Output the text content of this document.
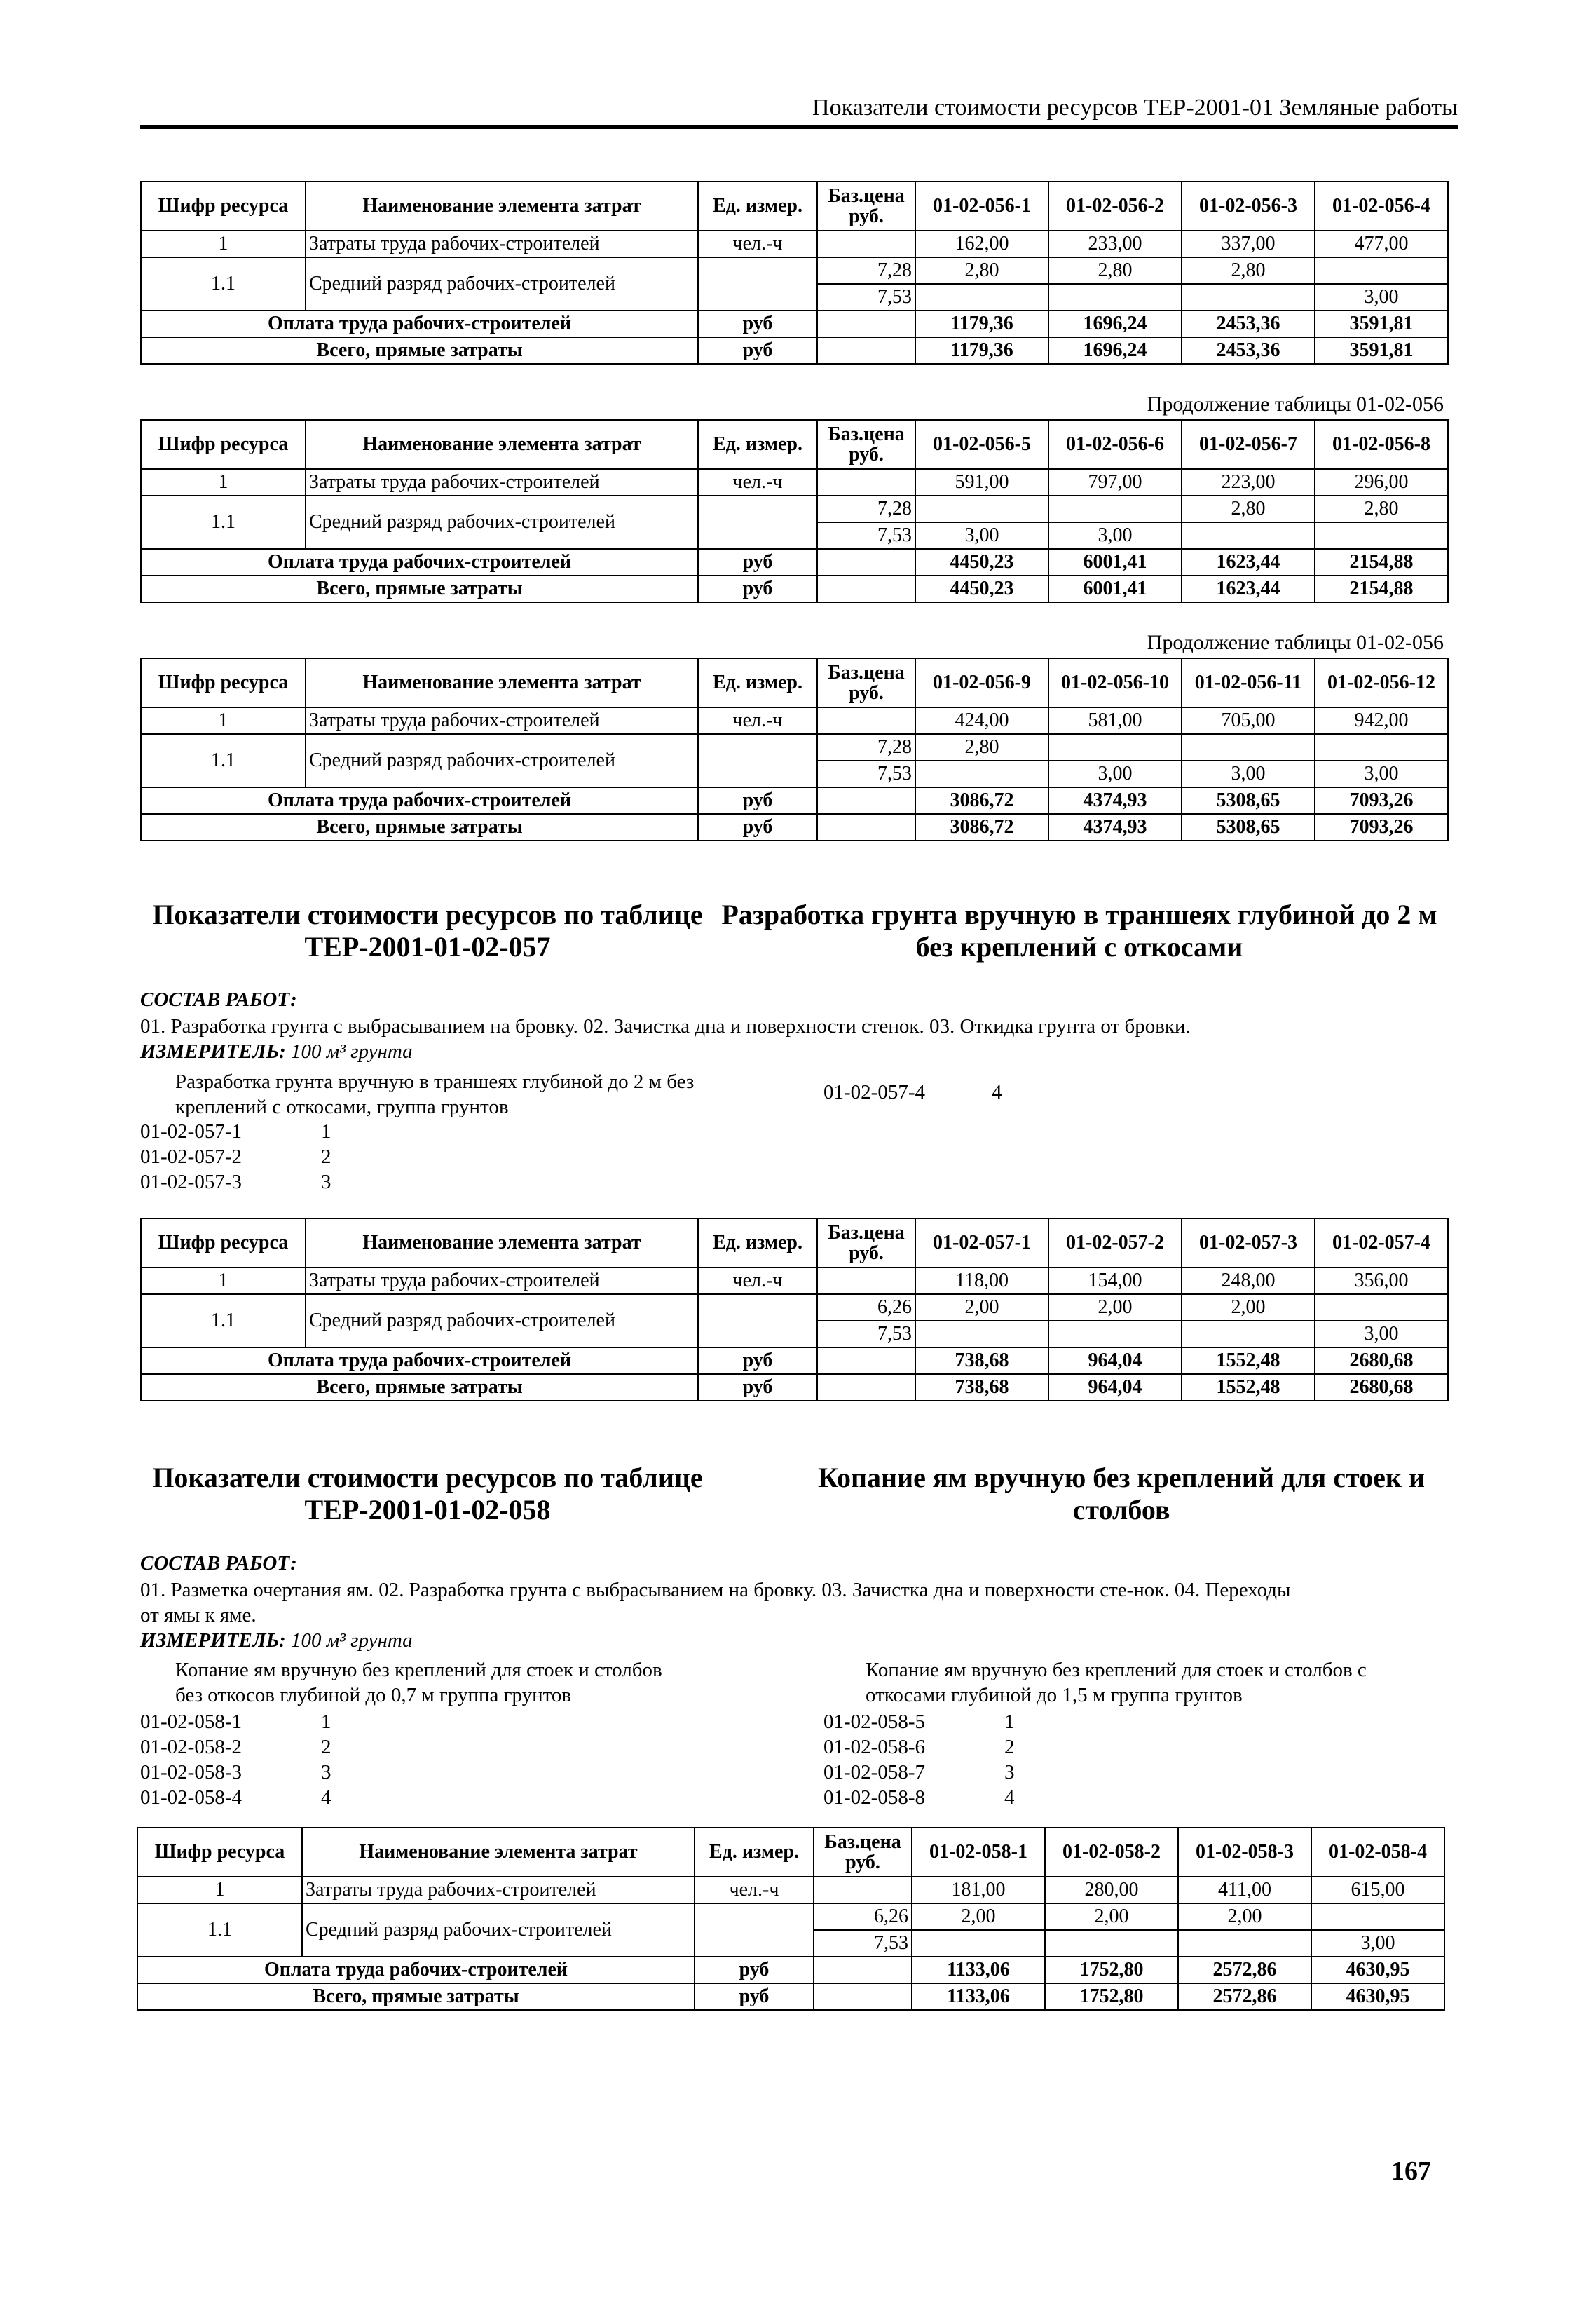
Показатели стоимости ресурсов ТЕР-2001-01 Земляные работы
Шифр ресурса	Наименование элемента затрат	Ед. измер.	Баз.цена руб.	01-02-056-1	01-02-056-2	01-02-056-3	01-02-056-4
1	Затраты труда рабочих-строителей	чел.-ч		162,00	233,00	337,00	477,00
1.1	Средний разряд рабочих-строителей		7,28	2,80	2,80	2,80	
			7,53				3,00
Оплата труда рабочих-строителей		руб		1179,36	1696,24	2453,36	3591,81
Всего, прямые затраты		руб		1179,36	1696,24	2453,36	3591,81
Шифр ресурса	Наименование элемента затрат	Ед. измер.	Баз.цена руб.	01-02-056-5	01-02-056-6	01-02-056-7	01-02-056-8
1	Затраты труда рабочих-строителей	чел.-ч		591,00	797,00	223,00	296,00
1.1	Средний разряд рабочих-строителей		7,28			2,80	2,80
			7,53	3,00	3,00		
Оплата труда рабочих-строителей		руб		4450,23	6001,41	1623,44	2154,88
Всего, прямые затраты		руб		4450,23	6001,41	1623,44	2154,88
Шифр ресурса	Наименование элемента затрат	Ед. измер.	Баз.цена руб.	01-02-056-9	01-02-056-10	01-02-056-11	01-02-056-12
1	Затраты труда рабочих-строителей	чел.-ч		424,00	581,00	705,00	942,00
1.1	Средний разряд рабочих-строителей		7,28	2,80			
			7,53		3,00	3,00	3,00
Оплата труда рабочих-строителей		руб		3086,72	4374,93	5308,65	7093,26
Всего, прямые затраты		руб		3086,72	4374,93	5308,65	7093,26
Шифр ресурса	Наименование элемента затрат	Ед. измер.	Баз.цена руб.	01-02-057-1	01-02-057-2	01-02-057-3	01-02-057-4
1	Затраты труда рабочих-строителей	чел.-ч		118,00	154,00	248,00	356,00
1.1	Средний разряд рабочих-строителей		6,26	2,00	2,00	2,00	
			7,53				3,00
Оплата труда рабочих-строителей		руб		738,68	964,04	1552,48	2680,68
Всего, прямые затраты		руб		738,68	964,04	1552,48	2680,68
Шифр ресурса	Наименование элемента затрат	Ед. измер.	Баз.цена руб.	01-02-058-1	01-02-058-2	01-02-058-3	01-02-058-4
1	Затраты труда рабочих-строителей	чел.-ч		181,00	280,00	411,00	615,00
1.1	Средний разряд рабочих-строителей		6,26	2,00	2,00	2,00	
			7,53				3,00
Оплата труда рабочих-строителей		руб		1133,06	1752,80	2572,86	4630,95
Всего, прямые затраты		руб		1133,06	1752,80	2572,86	4630,95
Продолжение таблицы 01-02-056
Продолжение таблицы 01-02-056
Показатели стоимости ресурсов по таблице
ТЕР-2001-01-02-057
Разработка грунта вручную в траншеях глубиной до 2 м
без креплений с откосами
СОСТАВ РАБОТ:
01. Разработка грунта с выбрасыванием на бровку. 02. Зачистка дна и поверхности стенок. 03. Откидка грунта от бровки.
ИЗМЕРИТЕЛЬ: 100 м³ грунта
Разработка грунта вручную в траншеях глубиной до 2 м без
креплений с откосами, группа грунтов
01-02-057-4	4
01-02-057-1	1
01-02-057-2	2
01-02-057-3	3
Показатели стоимости ресурсов по таблице
ТЕР-2001-01-02-058
Копание ям вручную без креплений для стоек и
столбов
СОСТАВ РАБОТ:
01. Разметка очертания ям. 02. Разработка грунта с выбрасыванием на бровку. 03. Зачистка дна и поверхности сте-нок. 04. Переходы
от ямы к яме.
ИЗМЕРИТЕЛЬ: 100 м³ грунта
Копание ям вручную без креплений для стоек и столбов
без откосов глубиной до 0,7 м группа грунтов
Копание ям вручную без креплений для стоек и столбов с
откосами глубиной до 1,5 м группа грунтов
01-02-058-1	1
01-02-058-2	2
01-02-058-3	3
01-02-058-4	4
01-02-058-5	1
01-02-058-6	2
01-02-058-7	3
01-02-058-8	4
167
